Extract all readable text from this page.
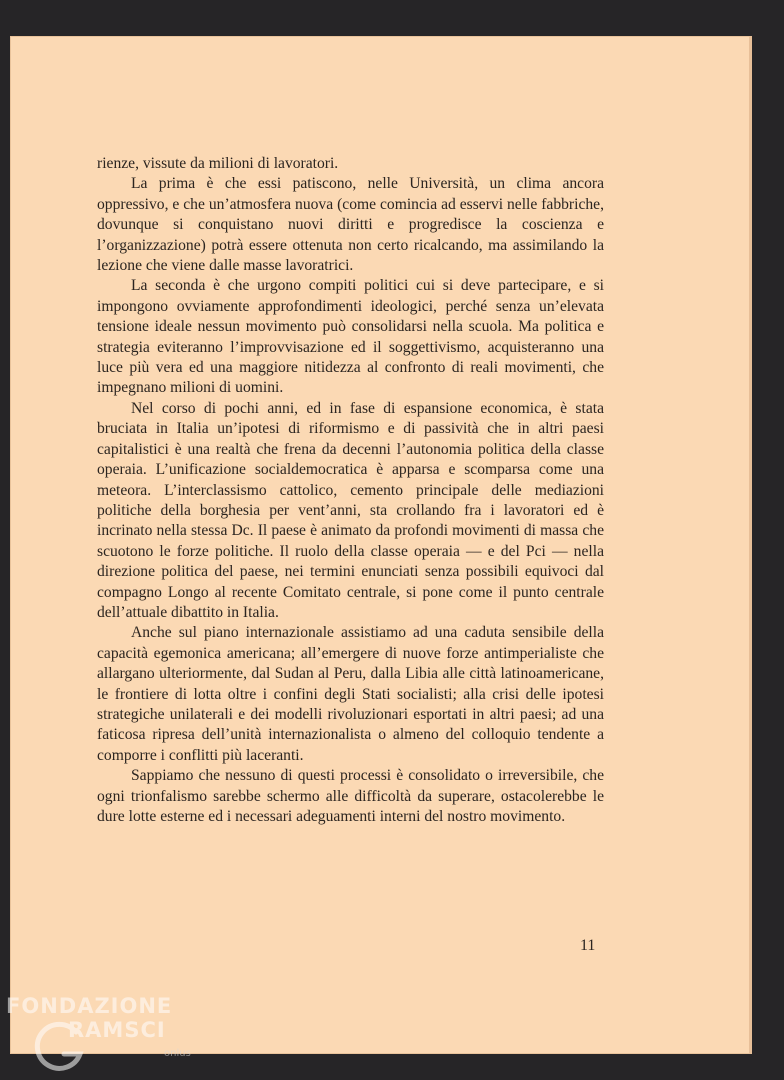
rienze, vissute da milioni di lavoratori.

La prima è che essi patiscono, nelle Università, un clima ancora oppressivo, e che un’atmosfera nuova (come comincia ad esservi nelle fabbriche, dovunque si conquistano nuovi diritti e progredisce la coscienza e l’organizzazione) potrà essere ottenuta non certo ricalcando, ma assimilando la lezione che viene dalle masse lavoratrici.

La seconda è che urgono compiti politici cui si deve partecipare, e si impongono ovviamente approfondimenti ideologici, perché senza un’elevata tensione ideale nessun movimento può consolidarsi nella scuola. Ma politica e strategia eviteranno l’improvvisazione ed il soggettivismo, acquisteranno una luce più vera ed una maggiore nitidezza al confronto di reali movimenti, che impegnano milioni di uomini.

Nel corso di pochi anni, ed in fase di espansione economica, è stata bruciata in Italia un’ipotesi di riformismo e di passività che in altri paesi capitalistici è una realtà che frena da decenni l’autonomia politica della classe operaia. L’unificazione socialdemocratica è apparsa e scomparsa come una meteora. L’interclassismo cattolico, cemento principale delle mediazioni politiche della borghesia per vent’anni, sta crollando fra i lavoratori ed è incrinato nella stessa Dc. Il paese è animato da profondi movimenti di massa che scuotono le forze politiche. Il ruolo della classe operaia — e del Pci — nella direzione politica del paese, nei termini enunciati senza possibili equivoci dal compagno Longo al recente Comitato centrale, si pone come il punto centrale dell’attuale dibattito in Italia.

Anche sul piano internazionale assistiamo ad una caduta sensibile della capacità egemonica americana; all’emergere di nuove forze antimperialiste che allargano ulteriormente, dal Sudan al Peru, dalla Libia alle città latinoamericane, le frontiere di lotta oltre i confini degli Stati socialisti; alla crisi delle ipotesi strategiche unilaterali e dei modelli rivoluzionari esportati in altri paesi; ad una faticosa ripresa dell’unità internazionalista o almeno del colloquio tendente a comporre i conflitti più laceranti.

Sappiamo che nessuno di questi processi è consolidato o irreversibile, che ogni trionfalismo sarebbe schermo alle difficoltà da superare, ostacolerebbe le dure lotte esterne ed i necessari adeguamenti interni del nostro movimento.

11
FONDAZIONE
RAMSCI
onlus
